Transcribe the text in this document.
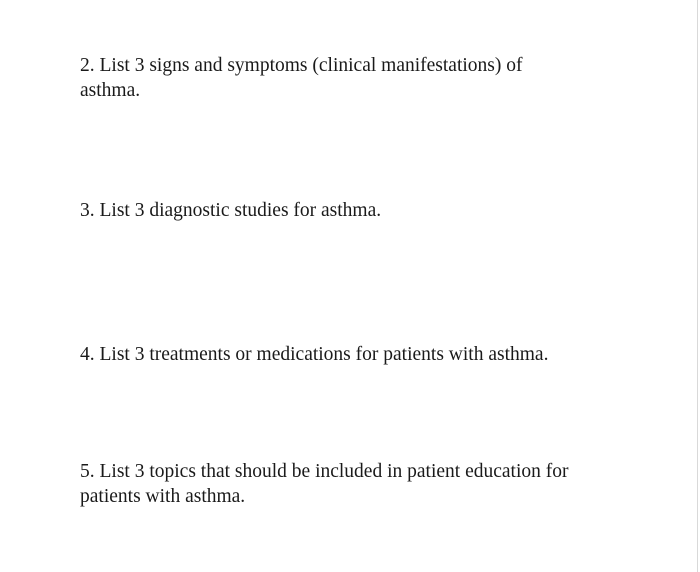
2. List 3 signs and symptoms (clinical manifestations) of
asthma.

3. List 3 diagnostic studies for asthma.

4. List 3 treatments or medications for patients with asthma.

5. List 3 topics that should be included in patient education for
patients with asthma.
